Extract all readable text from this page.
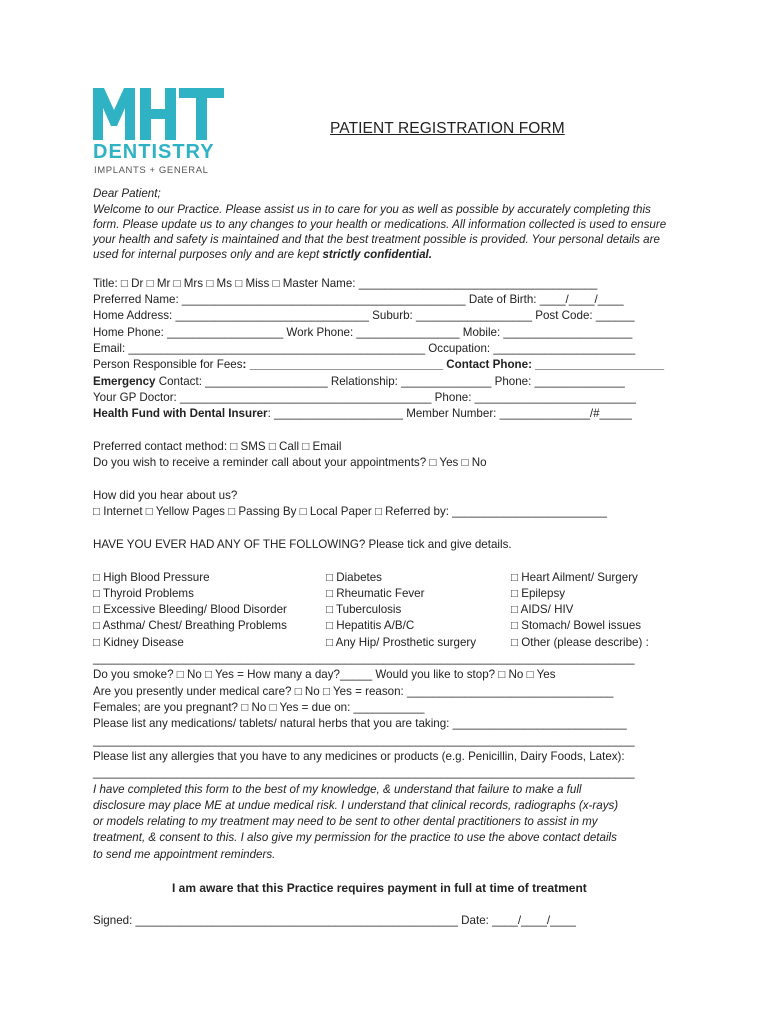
DENTISTRY
IMPLANTS + GENERAL
PATIENT REGISTRATION FORM
Dear Patient;
Welcome to our Practice. Please assist us in to care for you as well as possible by accurately completing this
form. Please update us to any changes to your health or medications. All information collected is used to ensure
your health and safety is maintained and that the best treatment possible is provided. Your personal details are
used for internal purposes only and are kept strictly confidential.
Title: □ Dr □ Mr □ Mrs □ Ms □ Miss □ Master Name: _____________________________________
Preferred Name: ____________________________________________ Date of Birth: ____/____/____
Home Address: ______________________________ Suburb: __________________ Post Code: ______
Home Phone: __________________ Work Phone: ________________ Mobile: ____________________
Email: ______________________________________________ Occupation: ______________________
Person Responsible for Fees: ______________________________ Contact Phone: ____________________
Emergency Contact: ___________________ Relationship: ______________ Phone: ______________
Your GP Doctor: _______________________________________ Phone: _________________________
Health Fund with Dental Insurer: ____________________ Member Number: ______________/#_____
Preferred contact method: □ SMS □ Call □ Email
Do you wish to receive a reminder call about your appointments? □ Yes □ No
How did you hear about us?
□ Internet □ Yellow Pages □ Passing By □ Local Paper □ Referred by: ________________________
HAVE YOU EVER HAD ANY OF THE FOLLOWING? Please tick and give details.
□ High Blood Pressure
□ Thyroid Problems
□ Excessive Bleeding/ Blood Disorder
□ Asthma/ Chest/ Breathing Problems
□ Kidney Disease
□ Diabetes
□ Rheumatic Fever
□ Tuberculosis
□ Hepatitis A/B/C
□ Any Hip/ Prosthetic surgery
□ Heart Ailment/ Surgery
□ Epilepsy
□ AIDS/ HIV
□ Stomach/ Bowel issues
□ Other (please describe) :
____________________________________________________________________________________
Do you smoke? □ No □ Yes = How many a day?_____ Would you like to stop? □ No □ Yes
Are you presently under medical care? □ No □ Yes = reason: ________________________________
Females; are you pregnant? □ No □ Yes = due on: ___________
Please list any medications/ tablets/ natural herbs that you are taking: ___________________________
____________________________________________________________________________________
Please list any allergies that you have to any medicines or products (e.g. Penicillin, Dairy Foods, Latex):
____________________________________________________________________________________
I have completed this form to the best of my knowledge, & understand that failure to make a full
disclosure may place ME at undue medical risk. I understand that clinical records, radiographs (x-rays)
or models relating to my treatment may need to be sent to other dental practitioners to assist in my
treatment, & consent to this. I also give my permission for the practice to use the above contact details
to send me appointment reminders.
I am aware that this Practice requires payment in full at time of treatment
Signed: __________________________________________________ Date: ____/____/____
